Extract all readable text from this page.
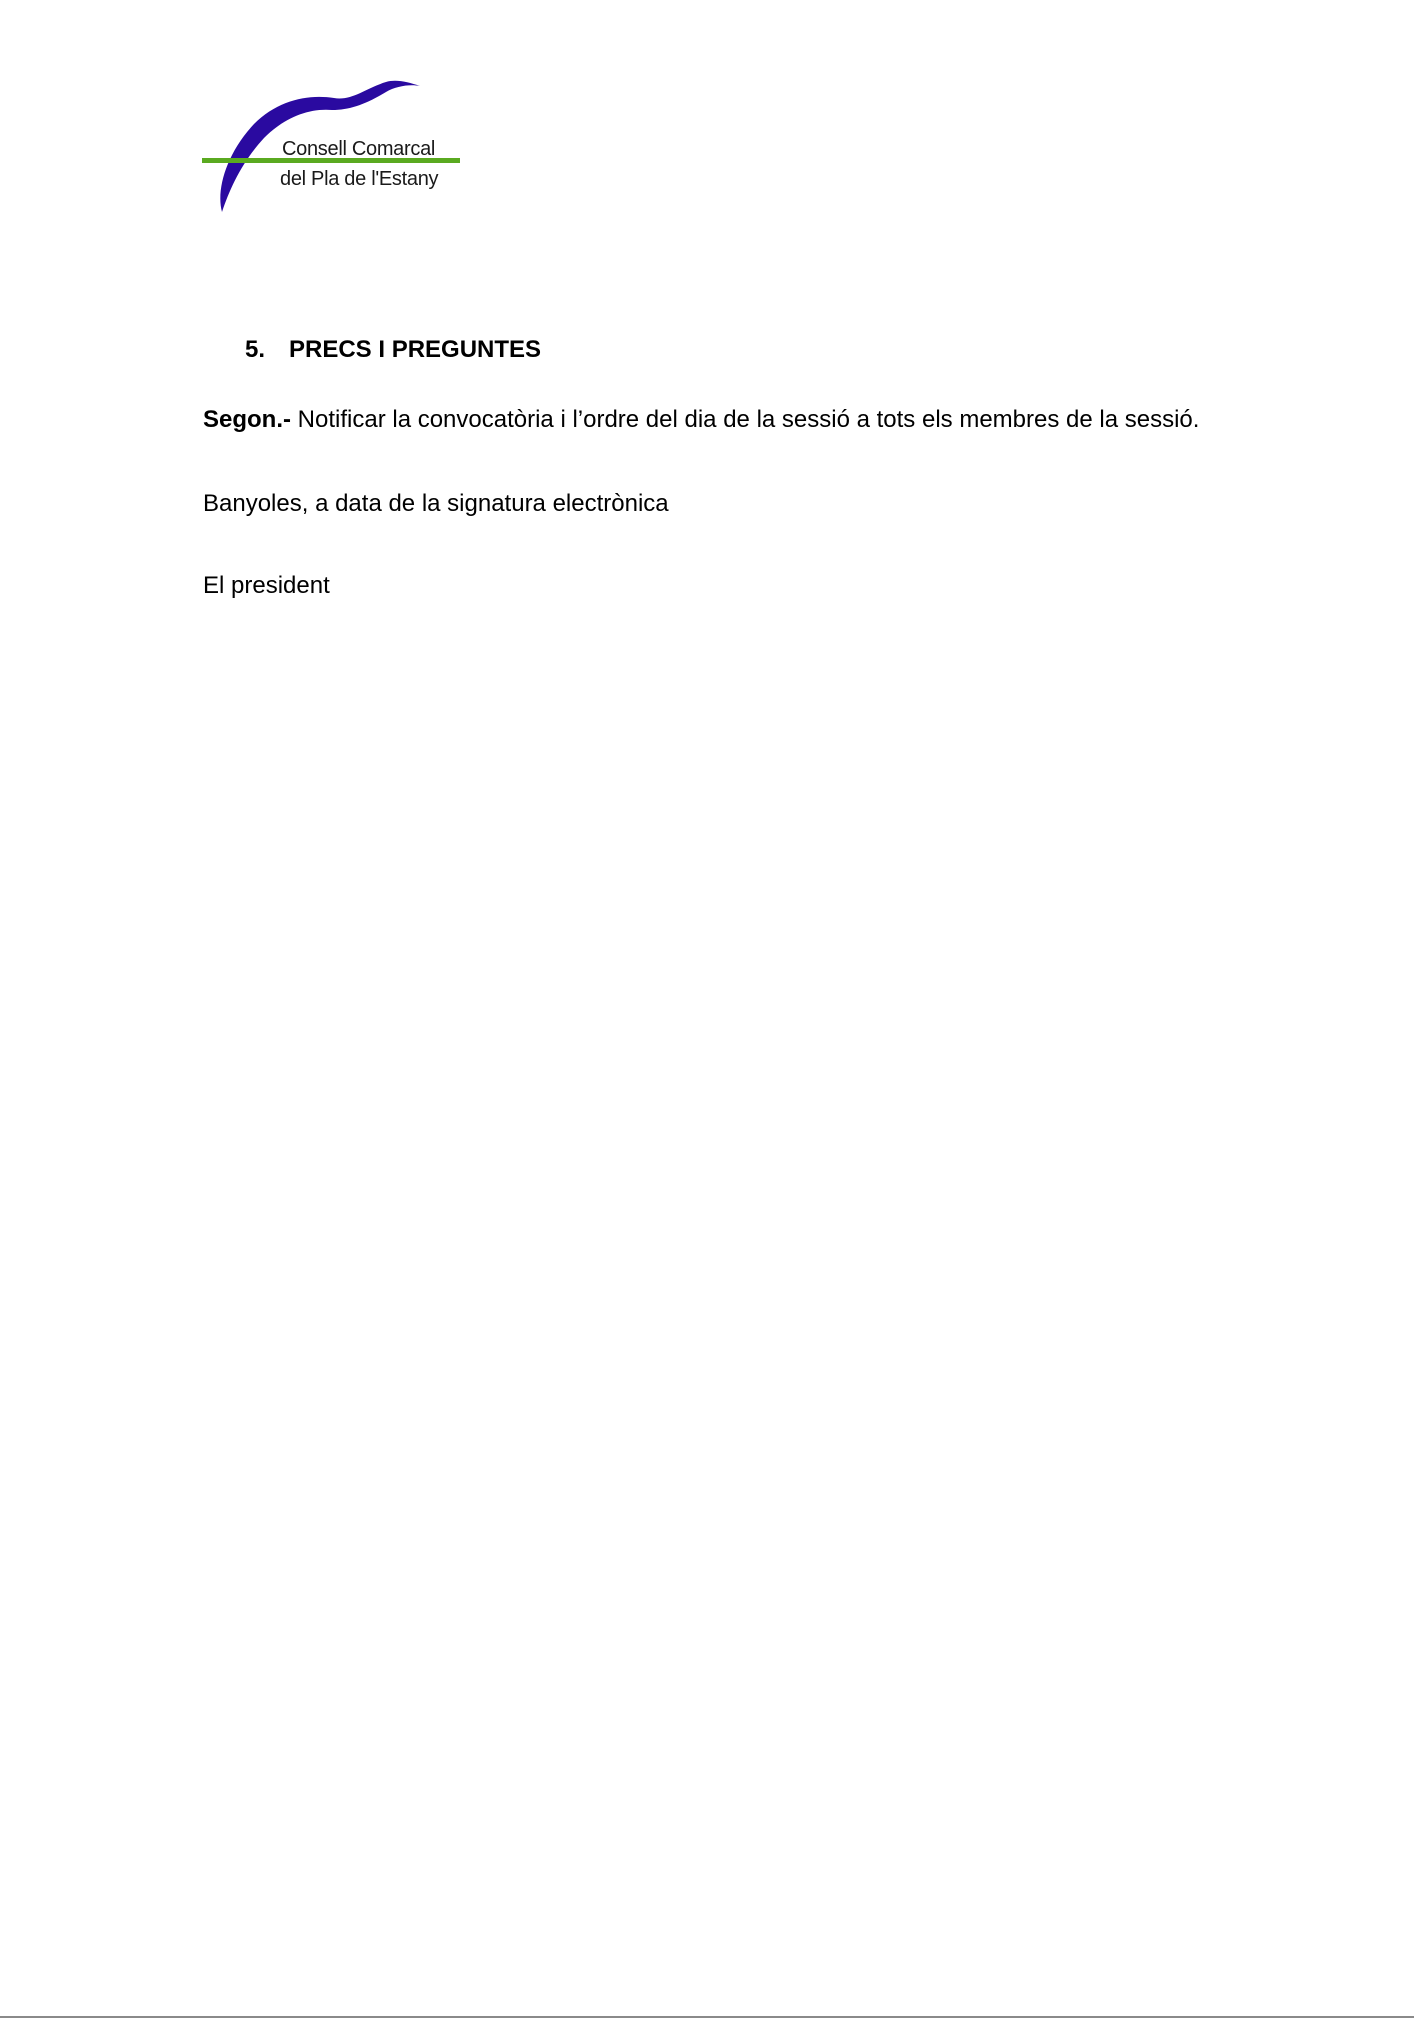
Consell Comarcal
del Pla de l'Estany
5. PRECS I PREGUNTES
Segon.- Notificar la convocatòria i l’ordre del dia de la sessió a tots els membres de la sessió.
Banyoles, a data de la signatura electrònica
El president
